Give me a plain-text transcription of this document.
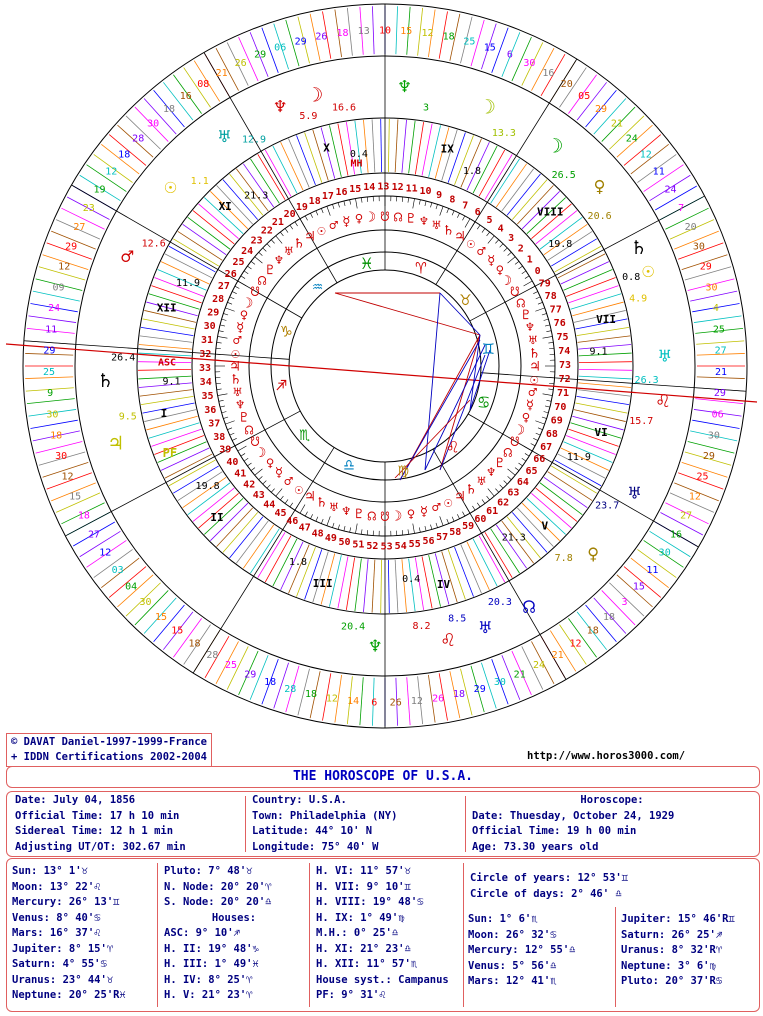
10 15 12 18 25
15
6
30
16
20
05
29
21
24
12
11
24
7
20
30
29
30
4
25
27
21
29
06
30
29
25
12
27
16
30
11
15
3
18
18
12
21
24
21
30
29
18
26
12
26
6
14
12
18
28
18
29
25
28
18
15
15
30
04
03
12
27
18
15
12
30
18
30
9
25
29
11
24
09
12
29
27
23
19
12
18
28
30
18
16
08
21
26
29
06
29 26 18 13
16 15 14 13 12 11 10 9 8
7
6
5
4
3
2
1
0
79
78
77
76
75
74
73
72
71
70
69
68
67
66
65
64
63
62
61
60
59
58
57
56
55
54
53
52
51
50
49
48
47
46
45
44
43
42
41
40
39
38
37
36
35
34
33
32
31
30
29
28
27
26
25
24
23
22
21
20
19
18 17
I
9.1
II
19.8
III
1.8
IV
0.4
V
21.3
VI
11.9
VII
9.1
VIII
19.8
IX
1.8
X 0.4
XI
21.3
XII
11.9
♐
♏
♎ ♍
♌
♋
♊
♉
♈
♓
♒
♑
☽
♀
☿
♂
☉
♃
♄
♅
♆
♇
☊
☋
☽
♀
☿
♂
☉
♃
♄
♅
♆
♇
☊
☋
☽
♀
☿
♂ ☉ ♃ ♄ ♅ ♆ ♇ ☊ ☋ ☽ ♀ ☿ ♂ ☉ ♃ ♄ ♅
♆
♇
☊
☋
☽
♀
☿
♂
☉
♃
♄
♅
♆
♇
☊
☋
☽
♀
☿
♂
☉
♃
♄
♅
♆
♇
☊
☋
♄
26.4
♃
9.5
♂
12.6
☉ 1.1
♅ 12.9
♆ 5.9
☽
16.6	☽
13.3 ☽
26.5 ♀
20.6
♄
0.8 ☉
4.9
♅
26.3
♌
15.7
♅
23.7
♀
7.8
☊
20.3
♅
8.5
♌
8.2
♆
20.4
♆
3
ASC
MH
PF
© DAVAT Daniel-1997-1999-France
+ IDDN Certifications 2002-2004	http://www.horos3000.com/
THE HOROSCOPE OF U.S.A.
Date: July 04, 1856
Official Time: 17 h 10 min
Sidereal Time: 12 h 1 min
Adjusting UT/OT: 302.67 min
Country: U.S.A.
Town: Philadelphia (NY)
Latitude: 44° 10' N
Longitude: 75° 40' W
Horoscope:
Date: Thuesday, October 24, 1929
Official Time: 19 h 00 min
Age: 73.30 years old
Sun: 13° 1'♉
Moon: 13° 22'♌
Mercury: 26° 13'♊
Venus: 8° 40'♋
Mars: 16° 37'♌
Jupiter: 8° 15'♈
Saturn: 4° 55'♋
Uranus: 23° 44'♉
Neptune: 20° 25'R♓
Pluto: 7° 48'♉
N. Node: 20° 20'♈
S. Node: 20° 20'♎
Houses:
ASC: 9° 10'♐
H. II: 19° 48'♑
H. III: 1° 49'♓
H. IV: 8° 25'♈
H. V: 21° 23'♈
H. VI: 11° 57'♉
H. VII: 9° 10'♊
H. VIII: 19° 48'♋
H. IX: 1° 49'♍
M.H.: 0° 25'♎
H. XI: 21° 23'♎
H. XII: 11° 57'♏
House syst.: Campanus
PF: 9° 31'♌
Circle of years: 12° 53'♊
Circle of days: 2° 46' ♎
Sun: 1° 6'♏
Moon: 26° 32'♋
Mercury: 12° 55'♎
Venus: 5° 56'♎
Mars: 12° 41'♏
Jupiter: 15° 46'R♊
Saturn: 26° 25'♐
Uranus: 8° 32'R♈
Neptune: 3° 6'♍
Pluto: 20° 37'R♋
